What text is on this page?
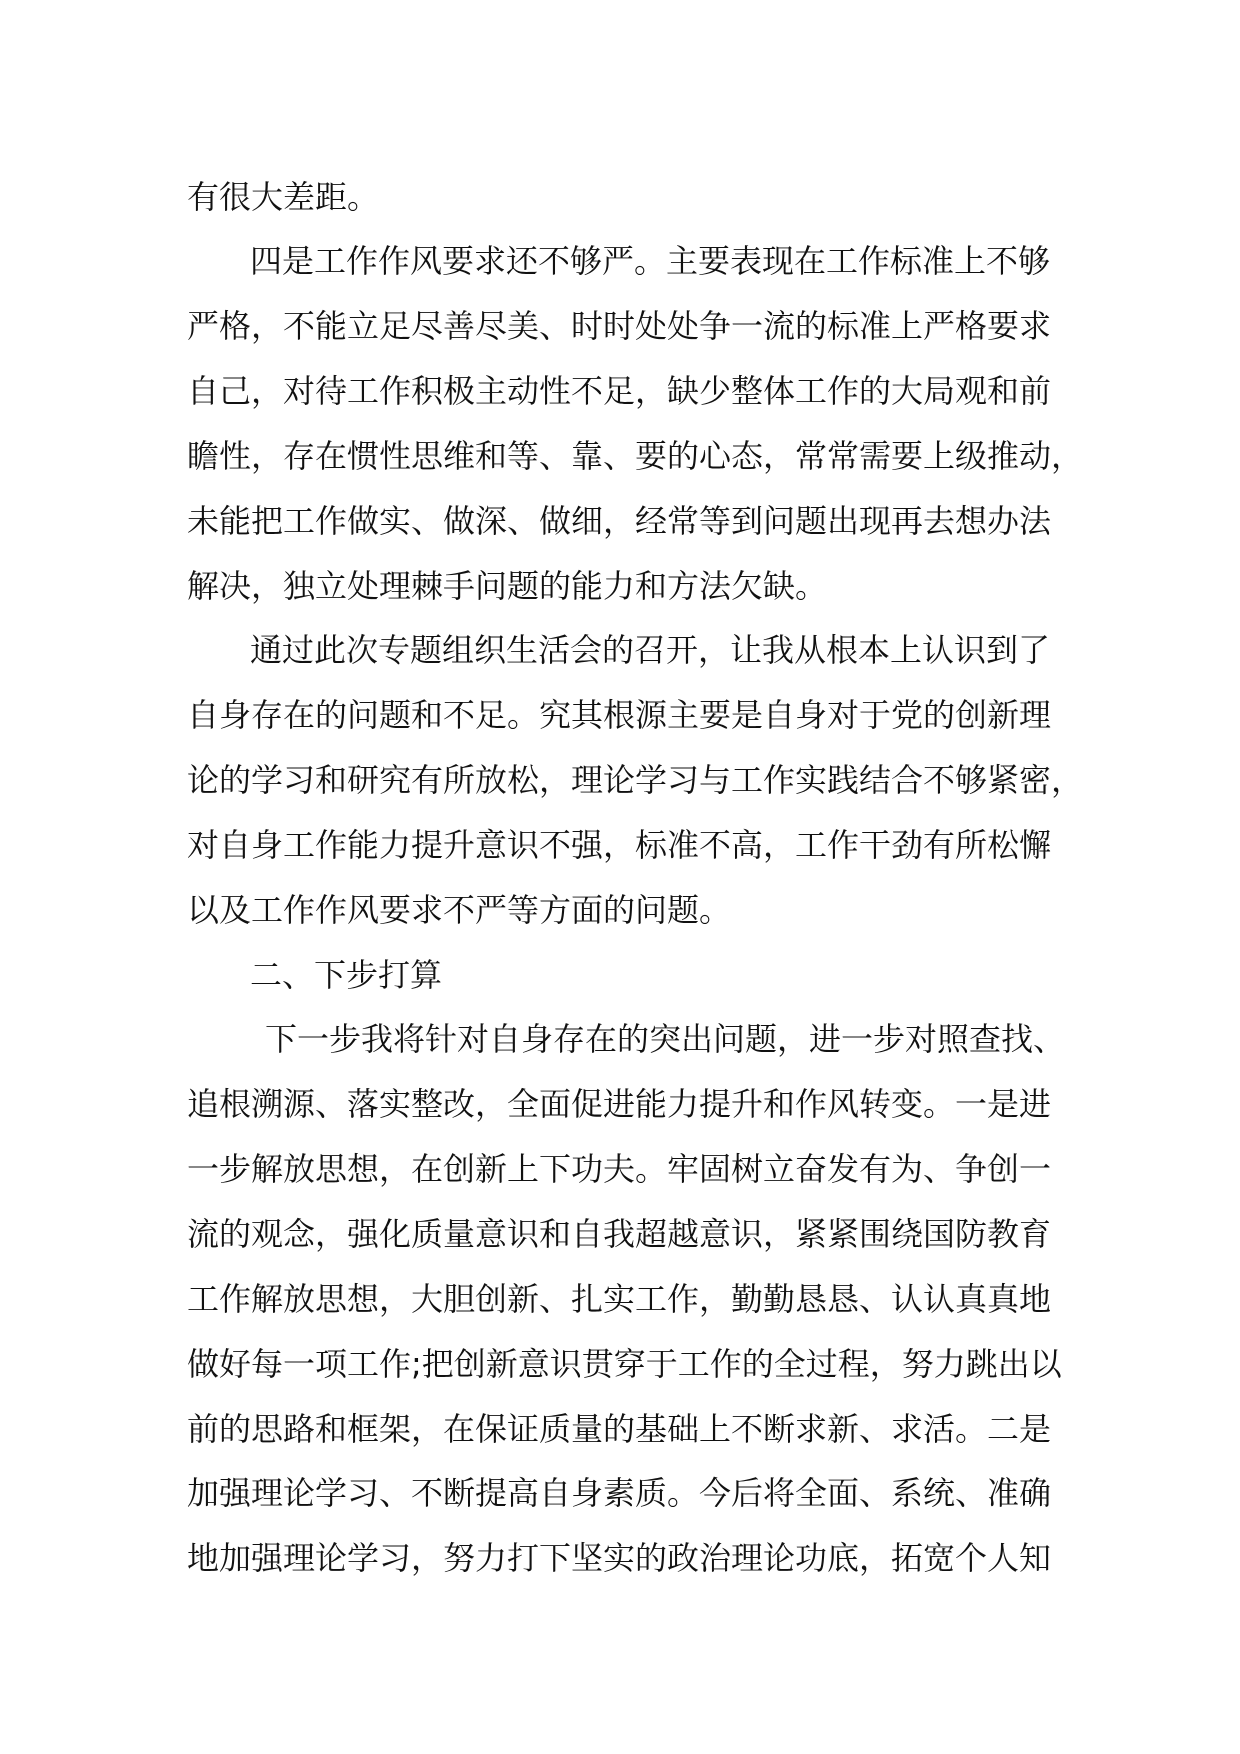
有很大差距。
四是工作作风要求还不够严。主要表现在工作标准上不够
严格，不能立足尽善尽美、时时处处争一流的标准上严格要求
自己，对待工作积极主动性不足，缺少整体工作的大局观和前
瞻性，存在惯性思维和等、靠、要的心态，常常需要上级推动，
未能把工作做实、做深、做细，经常等到问题出现再去想办法
解决，独立处理棘手问题的能力和方法欠缺。
通过此次专题组织生活会的召开，让我从根本上认识到了
自身存在的问题和不足。究其根源主要是自身对于党的创新理
论的学习和研究有所放松，理论学习与工作实践结合不够紧密，
对自身工作能力提升意识不强，标准不高，工作干劲有所松懈
以及工作作风要求不严等方面的问题。
二、下步打算
下一步我将针对自身存在的突出问题，进一步对照查找、
追根溯源、落实整改，全面促进能力提升和作风转变。一是进
一步解放思想，在创新上下功夫。牢固树立奋发有为、争创一
流的观念，强化质量意识和自我超越意识，紧紧围绕国防教育
工作解放思想，大胆创新、扎实工作，勤勤恳恳、认认真真地
做好每一项工作;把创新意识贯穿于工作的全过程，努力跳出以
前的思路和框架，在保证质量的基础上不断求新、求活。二是
加强理论学习、不断提高自身素质。今后将全面、系统、准确
地加强理论学习，努力打下坚实的政治理论功底，拓宽个人知
